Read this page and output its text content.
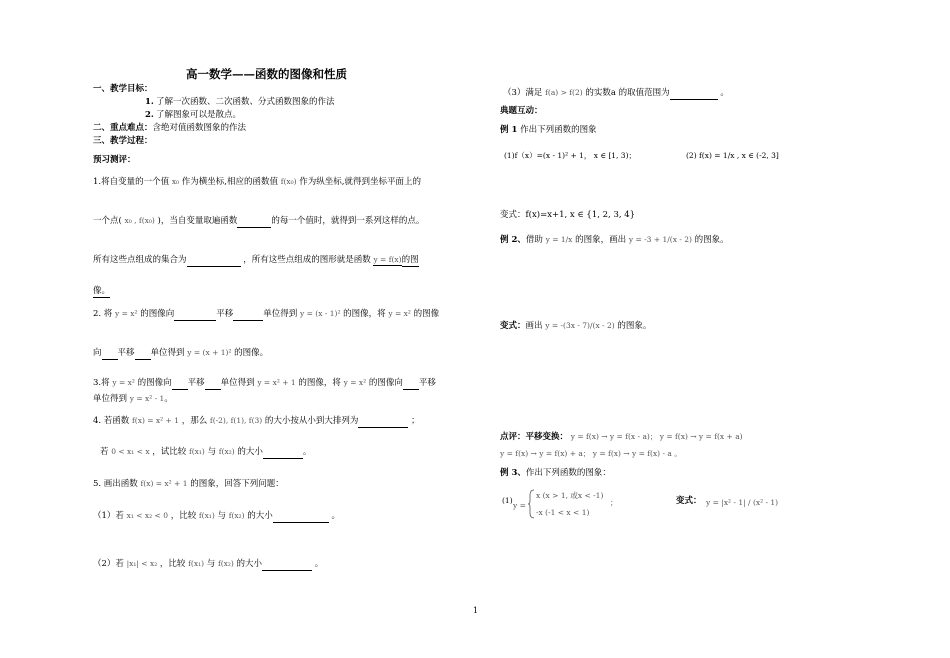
高一数学——函数的图像和性质
一、教学目标：
1. 了解一次函数、二次函数、分式函数图象的作法
2. 了解图象可以是散点。
二、重点难点：含绝对值函数图象的作法
三、教学过程：
预习测评：
1.将自变量的一个值 x₀ 作为横坐标,相应的函数值 f(x₀) 作为纵坐标,就得到坐标平面上的
一个点( x₀ , f(x₀) )，当自变量取遍函数	的每一个值时，就得到一系列这样的点。
所有这些点组成的集合为	，所有这些点组成的图形就是函数 y = f(x)的图
像。
2. 将 y = x² 的图像向	平移	单位得到 y = (x - 1)² 的图像，将 y = x² 的图像
向 平移 单位得到 y = (x + 1)² 的图像。
3.将 y = x² 的图像向 平移 单位得到 y = x² + 1 的图像，将 y = x² 的图像向 平移
单位得到 y = x² - 1。
4. 若函数 f(x) = x² + 1 ，那么 f(-2), f(1), f(3) 的大小按从小到大排列为	；
若 0 < x₁ < x ，试比较 f(x₁) 与 f(x₂) 的大小	。
5. 画出函数 f(x) = x² + 1 的图象，回答下列问题：
（1）若 x₁ < x₂ < 0 ，比较 f(x₁) 与 f(x₂) 的大小	。
（2）若 |x₁| < x₂ ，比较 f(x₁) 与 f(x₂) 的大小	。
（3）满足 f(a) > f(2) 的实数a 的取值范围为	。
典题互动：
例 1 作出下列函数的图象
(1)f（x）=(x - 1)² + 1， x ∈ [1, 3)；	(2) f(x) = 1/x , x ∈ (-2, 3]
变式：f(x)=x+1, x ∈ {1, 2, 3, 4}
例 2、借助 y = 1/x 的图象，画出 y = -3 + 1/(x - 2) 的图象。
变式：画出 y = -(3x - 7)/(x - 2) 的图象。
点评：平移变换： y = f(x) → y = f(x - a)； y = f(x) → y = f(x + a)
y = f(x) → y = f(x) + a； y = f(x) → y = f(x) - a 。
例 3、作出下列函数的图象：
(1)
y =
x (x > 1, 或x < -1)
-x (-1 < x < 1)
；	变式： y = |x² - 1| / (x² - 1)
1
